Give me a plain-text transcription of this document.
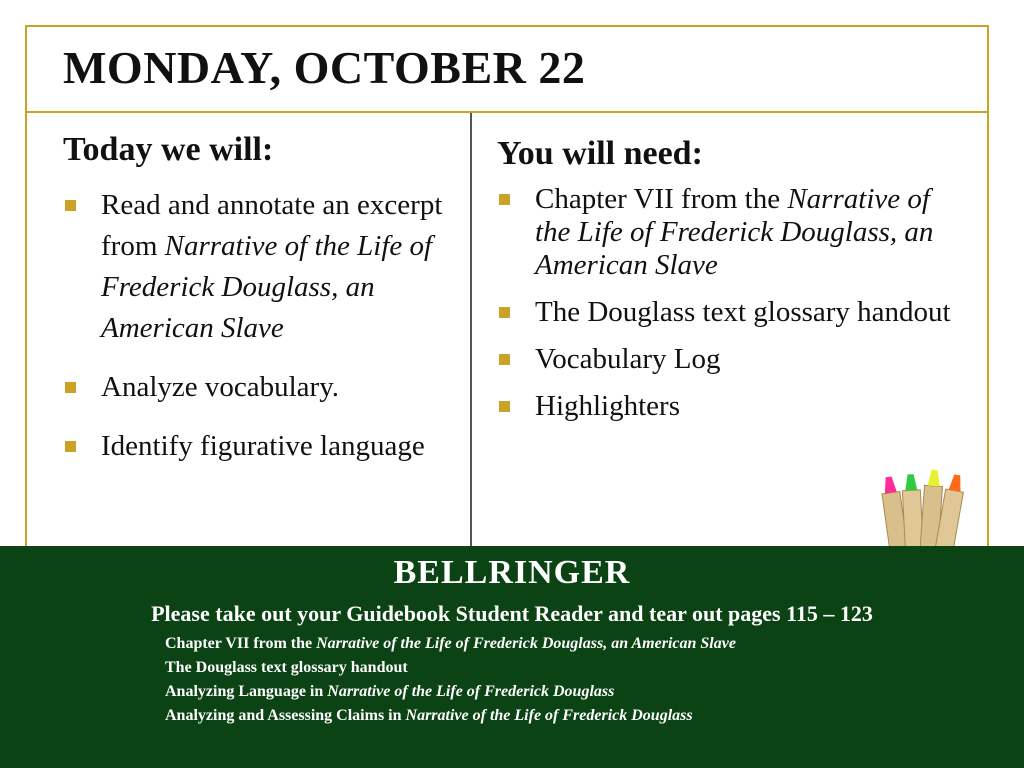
MONDAY, OCTOBER 22
Today we will:
Read and annotate an excerpt from Narrative of the Life of Frederick Douglass, an American Slave
Analyze vocabulary.
Identify figurative language
You will need:
Chapter VII from the Narrative of the Life of Frederick Douglass, an American Slave
The Douglass text glossary handout
Vocabulary Log
Highlighters
BELLRINGER
Please take out your Guidebook Student Reader and tear out pages 115 – 123
Chapter VII from the Narrative of the Life of Frederick Douglass, an American Slave
The Douglass text glossary handout
Analyzing Language in Narrative of the Life of Frederick Douglass
Analyzing and Assessing Claims in Narrative of the Life of Frederick Douglass
